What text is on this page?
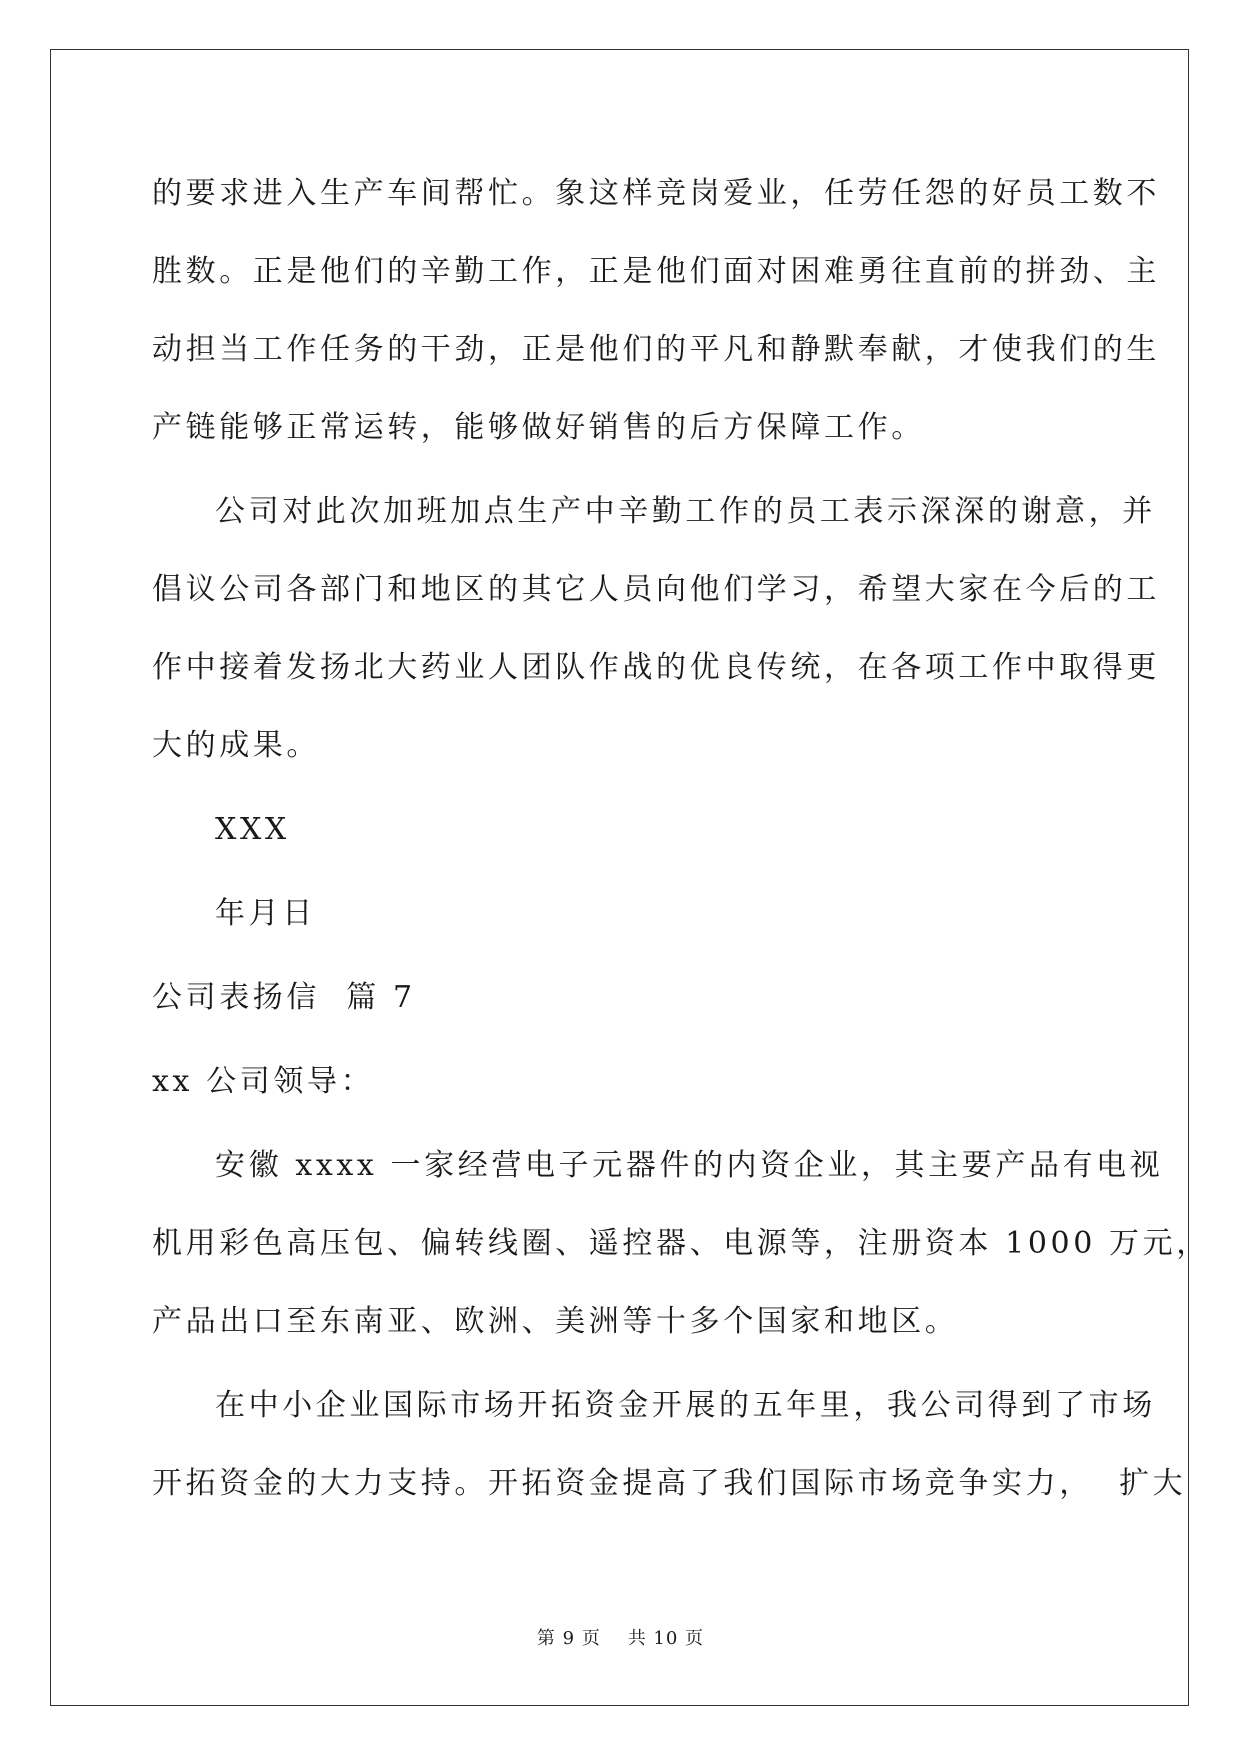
的要求进入生产车间帮忙。象这样竞岗爱业，任劳任怨的好员工数不
胜数。正是他们的辛勤工作，正是他们面对困难勇往直前的拼劲、主
动担当工作任务的干劲，正是他们的平凡和静默奉献，才使我们的生
产链能够正常运转，能够做好销售的后方保障工作。
公司对此次加班加点生产中辛勤工作的员工表示深深的谢意，并
倡议公司各部门和地区的其它人员向他们学习，希望大家在今后的工
作中接着发扬北大药业人团队作战的优良传统，在各项工作中取得更
大的成果。
XXX
年月日
公司表扬信  篇 7
xx 公司领导：
安徽 xxxx 一家经营电子元器件的内资企业，其主要产品有电视
机用彩色高压包、偏转线圈、遥控器、电源等，注册资本 1000 万元，
产品出口至东南亚、欧洲、美洲等十多个国家和地区。
在中小企业国际市场开拓资金开展的五年里，我公司得到了市场
开拓资金的大力支持。开拓资金提高了我们国际市场竞争实力，  扩大
第 9 页    共 10 页
